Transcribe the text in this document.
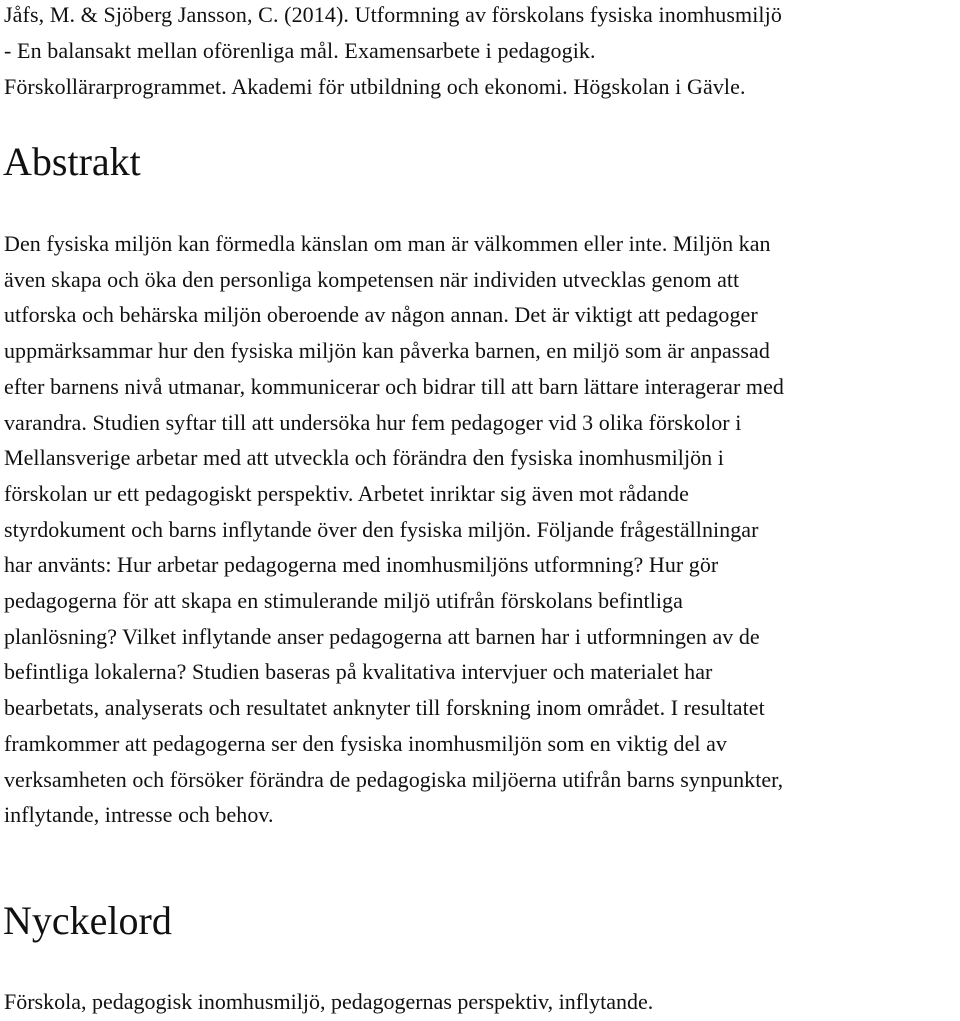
Jåfs, M. & Sjöberg Jansson, C. (2014). Utformning av förskolans fysiska inomhusmiljö
- En balansakt mellan oförenliga mål. Examensarbete i pedagogik.
Förskollärarprogrammet. Akademi för utbildning och ekonomi. Högskolan i Gävle.

Abstrakt

Den fysiska miljön kan förmedla känslan om man är välkommen eller inte. Miljön kan
även skapa och öka den personliga kompetensen när individen utvecklas genom att
utforska och behärska miljön oberoende av någon annan. Det är viktigt att pedagoger
uppmärksammar hur den fysiska miljön kan påverka barnen, en miljö som är anpassad
efter barnens nivå utmanar, kommunicerar och bidrar till att barn lättare interagerar med
varandra. Studien syftar till att undersöka hur fem pedagoger vid 3 olika förskolor i
Mellansverige arbetar med att utveckla och förändra den fysiska inomhusmiljön i
förskolan ur ett pedagogiskt perspektiv. Arbetet inriktar sig även mot rådande
styrdokument och barns inflytande över den fysiska miljön. Följande frågeställningar
har använts: Hur arbetar pedagogerna med inomhusmiljöns utformning? Hur gör
pedagogerna för att skapa en stimulerande miljö utifrån förskolans befintliga
planlösning? Vilket inflytande anser pedagogerna att barnen har i utformningen av de
befintliga lokalerna? Studien baseras på kvalitativa intervjuer och materialet har
bearbetats, analyserats och resultatet anknyter till forskning inom området. I resultatet
framkommer att pedagogerna ser den fysiska inomhusmiljön som en viktig del av
verksamheten och försöker förändra de pedagogiska miljöerna utifrån barns synpunkter,
inflytande, intresse och behov.

Nyckelord

Förskola, pedagogisk inomhusmiljö, pedagogernas perspektiv, inflytande.
